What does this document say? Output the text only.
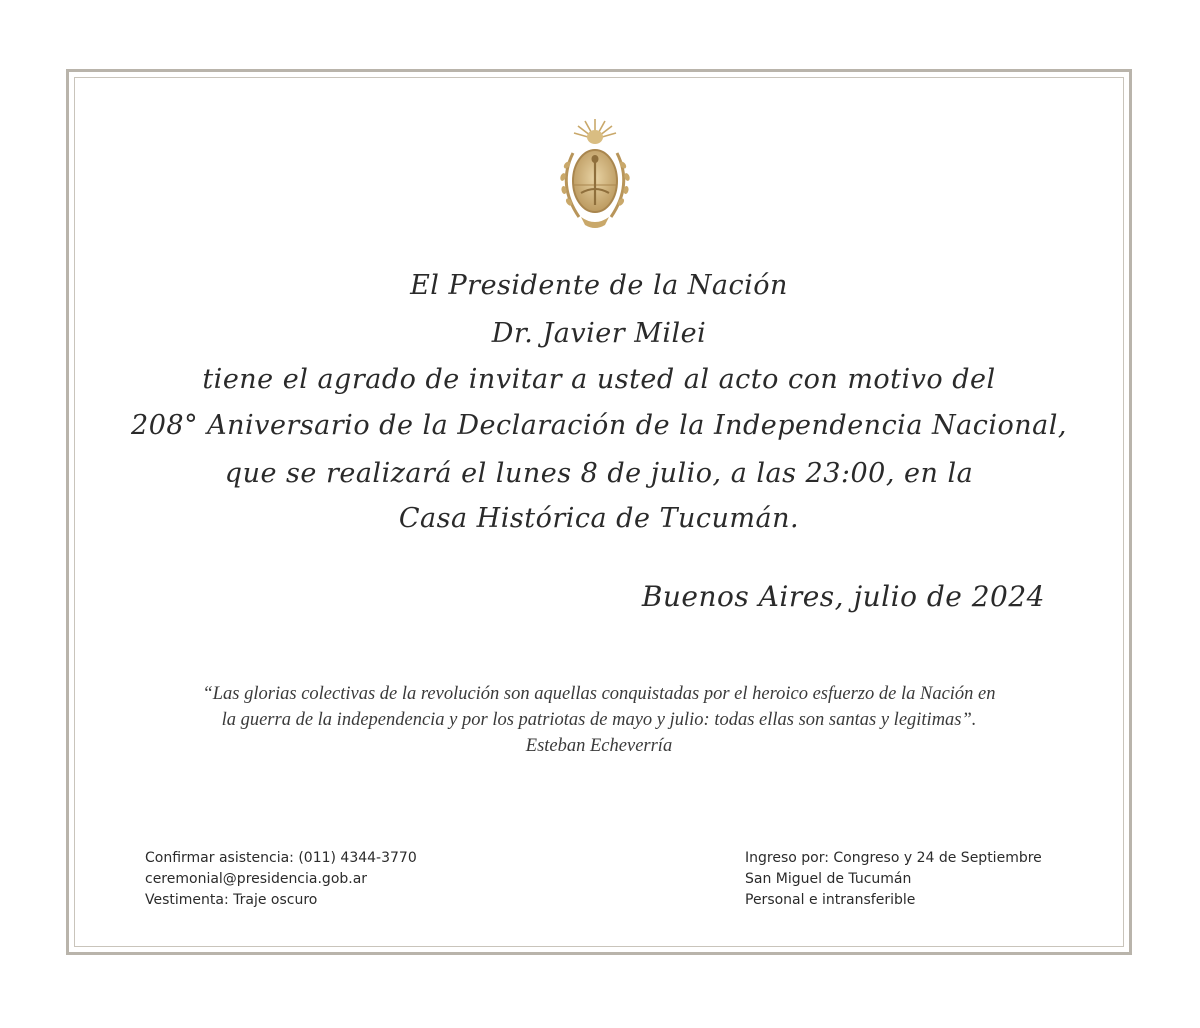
El Presidente de la Nación
Dr. Javier Milei
tiene el agrado de invitar a usted al acto con motivo del
208° Aniversario de la Declaración de la Independencia Nacional,
que se realizará el lunes 8 de julio, a las 23:00, en la
Casa Histórica de Tucumán.
Buenos Aires, julio de 2024
“Las glorias colectivas de la revolución son aquellas conquistadas por el heroico esfuerzo de la Nación en
la guerra de la independencia y por los patriotas de mayo y julio: todas ellas son santas y legitimas”.
Esteban Echeverría
Confirmar asistencia: (011) 4344-3770
ceremonial@presidencia.gob.ar
Vestimenta: Traje oscuro
Ingreso por: Congreso y 24 de Septiembre
San Miguel de Tucumán
Personal e intransferible
